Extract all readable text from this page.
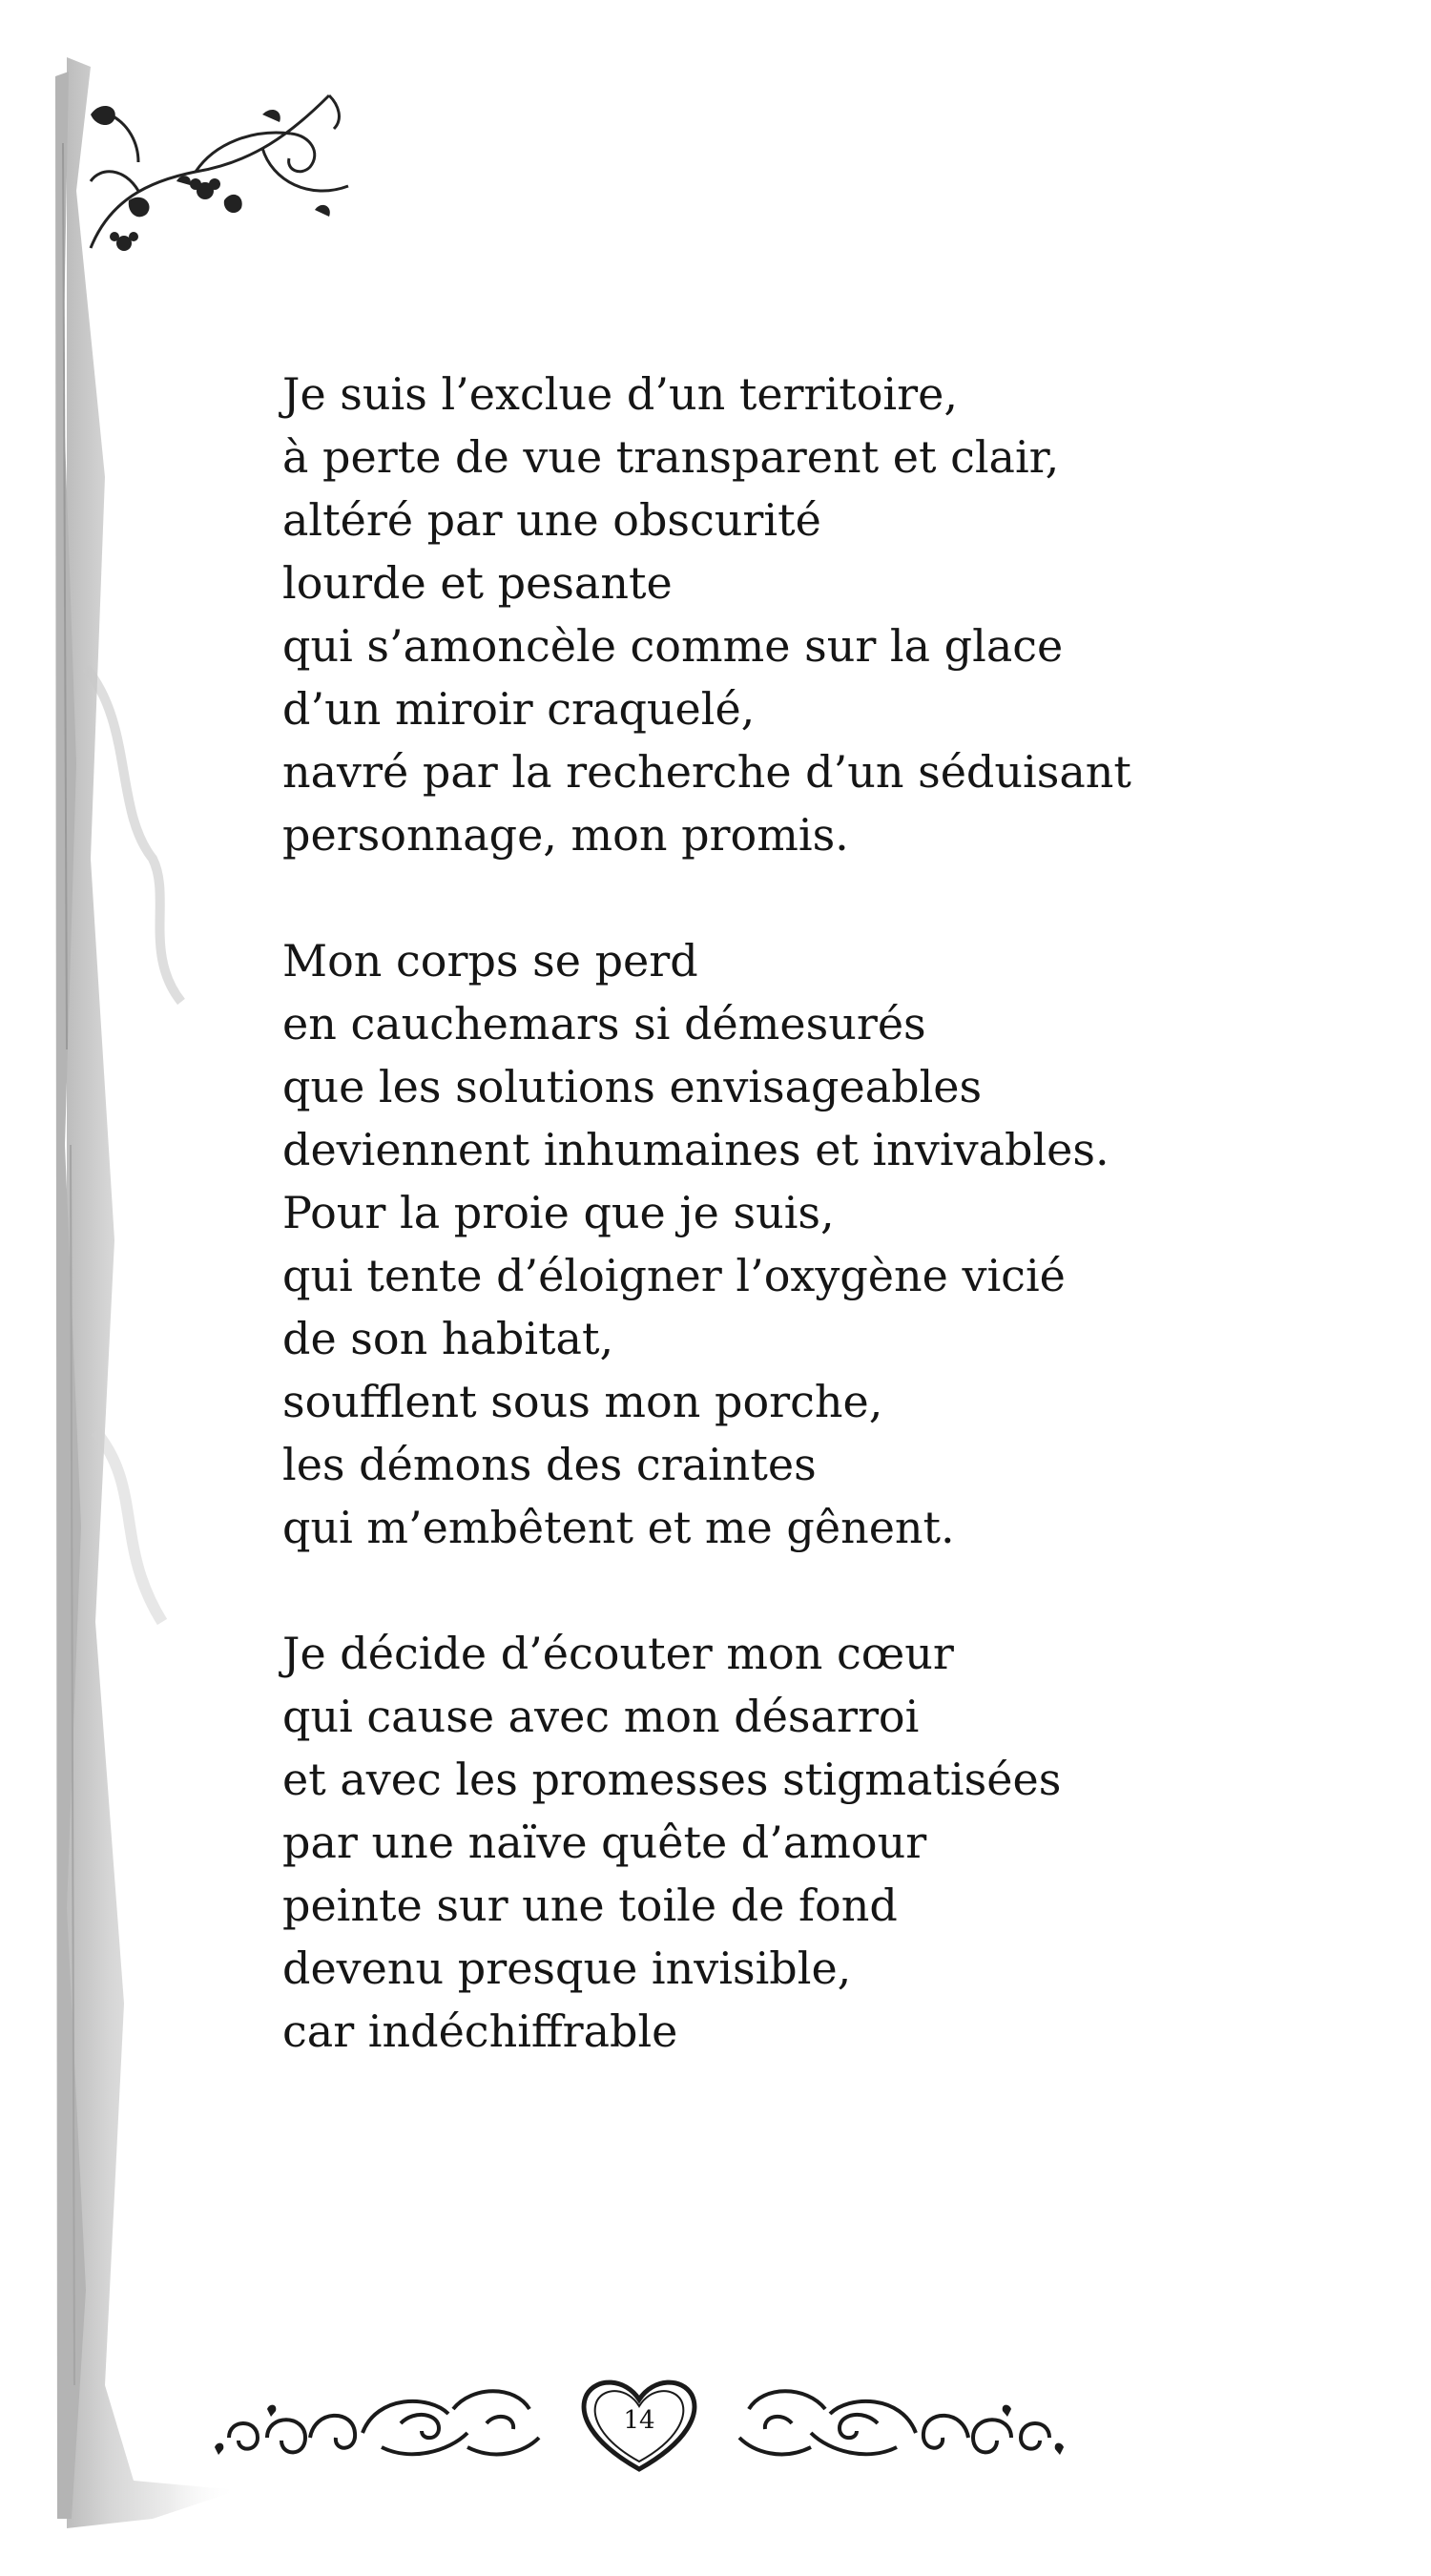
Je suis l’exclue d’un territoire,
à perte de vue transparent et clair,
altéré par une obscurité
lourde et pesante
qui s’amoncèle comme sur la glace
d’un miroir craquelé,
navré par la recherche d’un séduisant
personnage, mon promis.
Mon corps se perd
en cauchemars si démesurés
que les solutions envisageables
deviennent inhumaines et invivables.
Pour la proie que je suis,
qui tente d’éloigner l’oxygène vicié
de son habitat,
soufflent sous mon porche,
les démons des craintes
qui m’embêtent et me gênent.
Je décide d’écouter mon cœur
qui cause avec mon désarroi
et avec les promesses stigmatisées
par une naïve quête d’amour
peinte sur une toile de fond
devenu presque invisible,
car indéchiffrable
14
